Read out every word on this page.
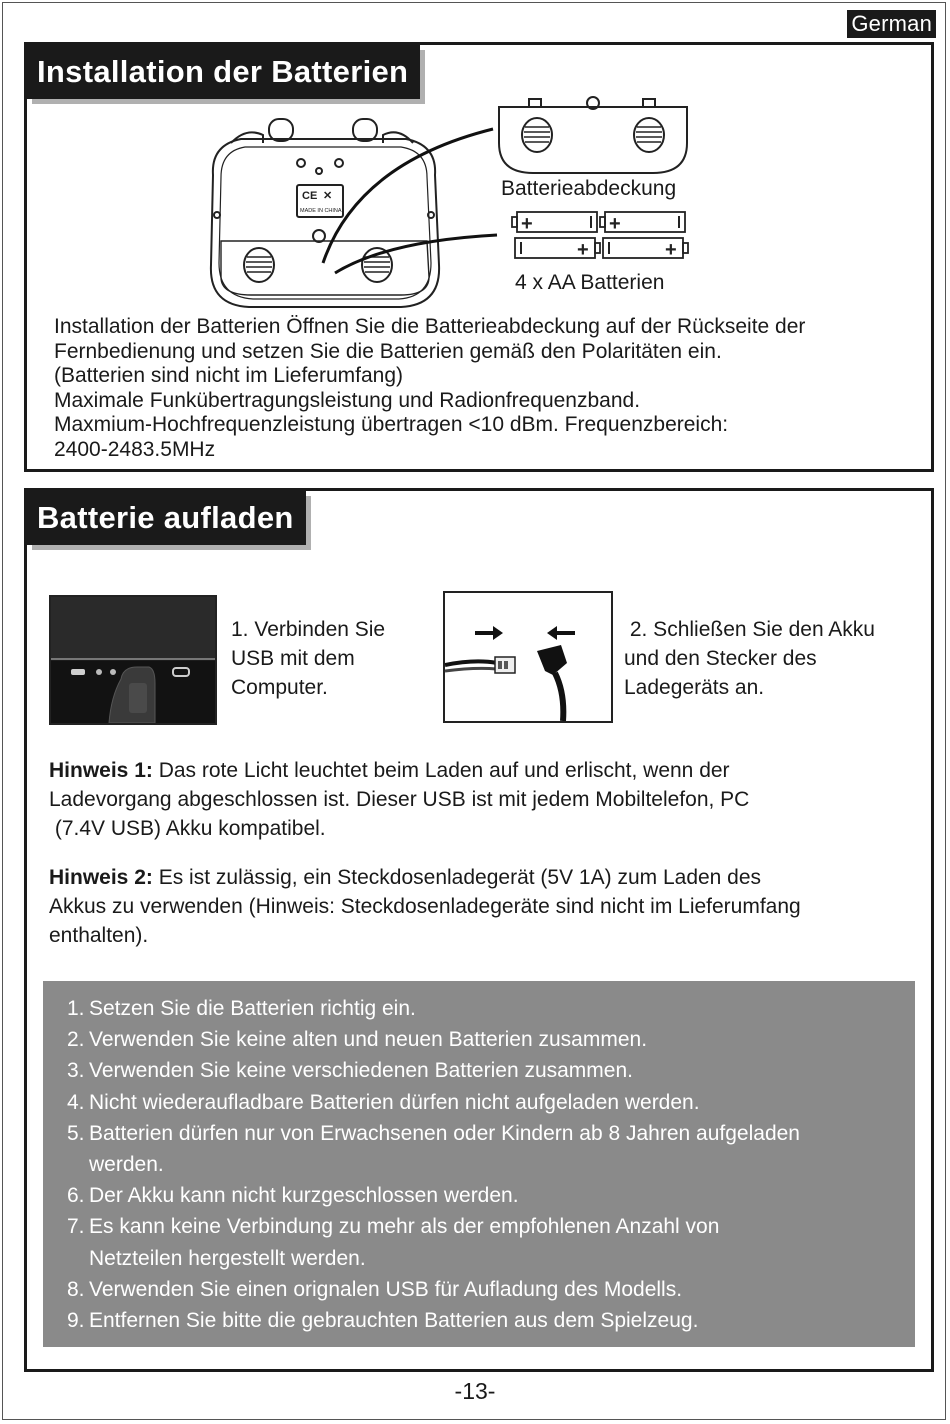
German
Installation der Batterien
CE ✕
MADE IN CHINA
Batterieabdeckung
+	+
+	+
4 x AA Batterien

Installation der Batterien Öffnen Sie die Batterieabdeckung auf der Rückseite der

Fernbedienung und setzen Sie die Batterien gemäß den Polaritäten ein.

(Batterien sind nicht im Lieferumfang)

Maximale Funkübertragungsleistung und Radionfrequenzband.

Maxmium-Hochfrequenzleistung übertragen <10 dBm. Frequenzbereich:

2400-2483.5MHz

Batterie aufladen

1. Verbinden Sie

USB mit dem

Computer.

2. Schließen Sie den Akku

und den Stecker des

Ladegeräts an.

Hinweis 1: Das rote Licht leuchtet beim Laden auf und erlischt, wenn der
Ladevorgang abgeschlossen ist. Dieser USB ist mit jedem Mobiltelefon, PC
(7.4V USB) Akku kompatibel.
Hinweis 2: Es ist zulässig, ein Steckdosenladegerät (5V 1A) zum Laden des
Akkus zu verwenden (Hinweis: Steckdosenladegeräte sind nicht im Lieferumfang
enthalten).
1. Setzen Sie die Batterien richtig ein.
2. Verwenden Sie keine alten und neuen Batterien zusammen.
3. Verwenden Sie keine verschiedenen Batterien zusammen.
4. Nicht wiederaufladbare Batterien dürfen nicht aufgeladen werden.
5. Batterien dürfen nur von Erwachsenen oder Kindern ab 8 Jahren aufgeladen
werden.
6. Der Akku kann nicht kurzgeschlossen werden.
7. Es kann keine Verbindung zu mehr als der empfohlenen Anzahl von
Netzteilen hergestellt werden.
8. Verwenden Sie einen orignalen USB für Aufladung des Modells.
9. Entfernen Sie bitte die gebrauchten Batterien aus dem Spielzeug.
-13-
